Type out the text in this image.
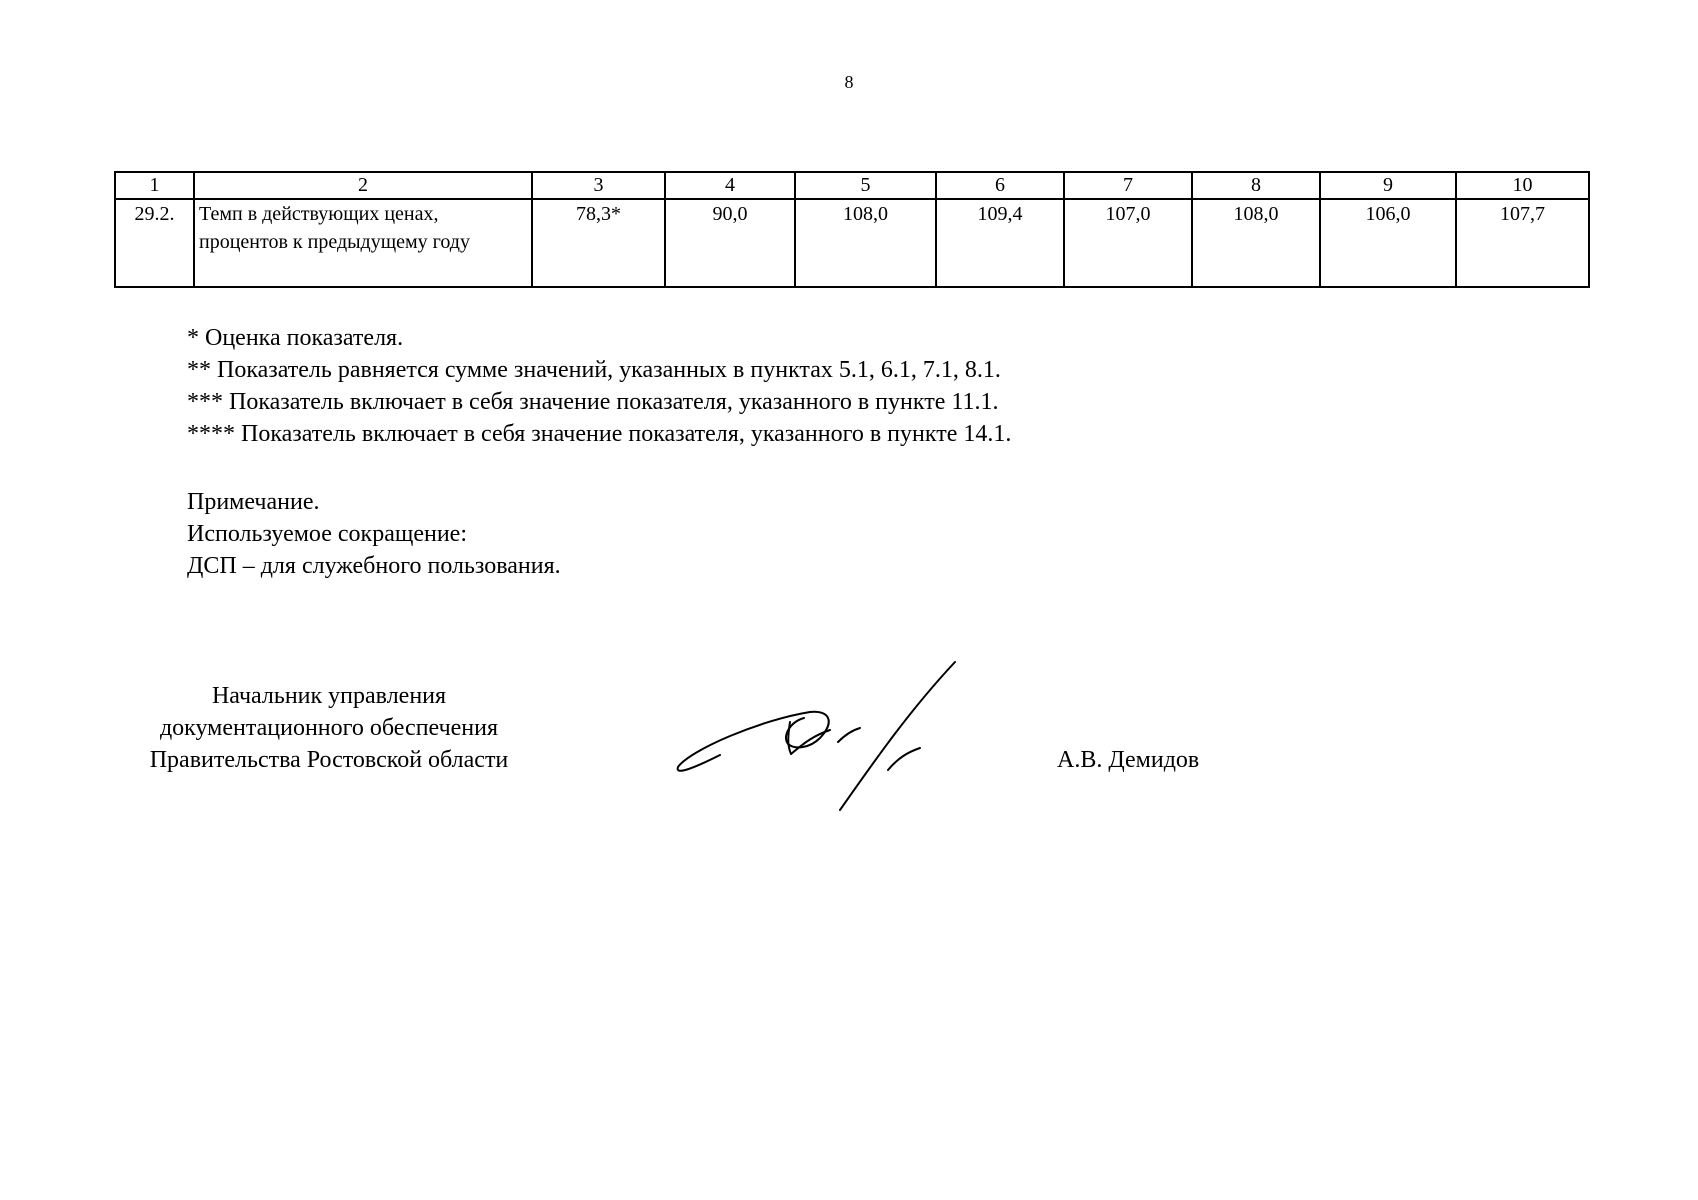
8
1	2	3	4	5	6	7	8	9	10
29.2.	Темп в действующих ценах, процентов к предыдущему году	78,3*	90,0	108,0	109,4	107,0	108,0	106,0	107,7
* Оценка показателя.
** Показатель равняется сумме значений, указанных в пунктах 5.1, 6.1, 7.1, 8.1.
*** Показатель включает в себя значение показателя, указанного в пункте 11.1.
**** Показатель включает в себя значение показателя, указанного в пункте 14.1.
Примечание.
Используемое сокращение:
ДСП – для служебного пользования.
Начальник управления
документационного обеспечения
Правительства Ростовской области	А.В. Демидов
